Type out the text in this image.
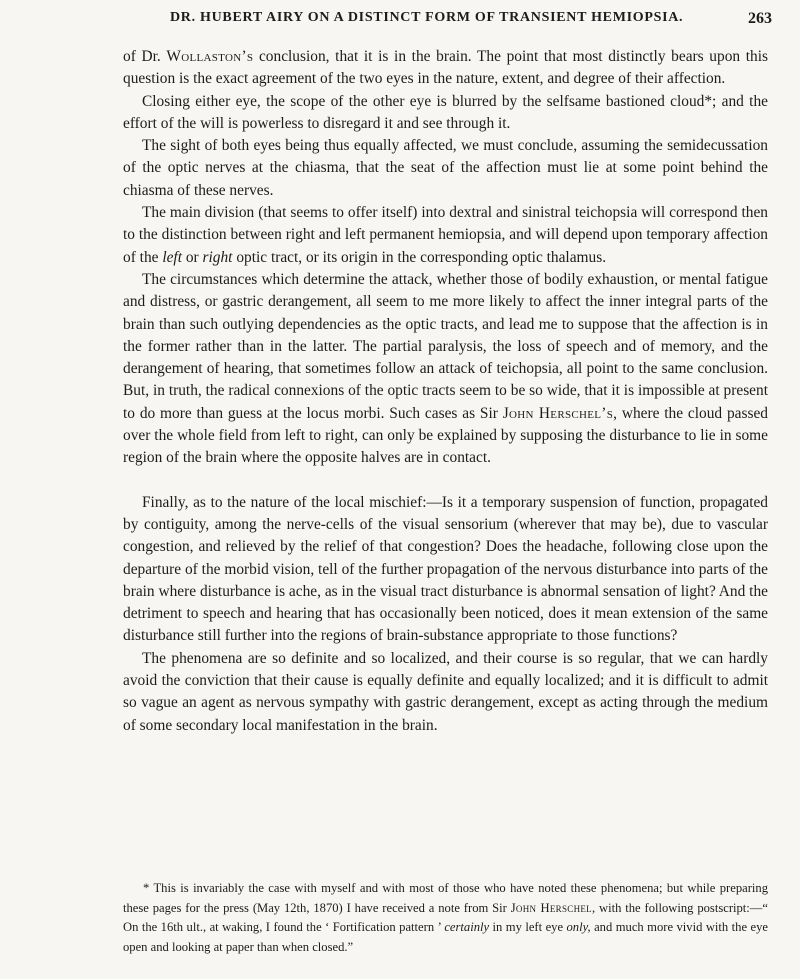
DR. HUBERT AIRY ON A DISTINCT FORM OF TRANSIENT HEMIOPSIA.	263

of Dr. Wollaston’s conclusion, that it is in the brain. The point that most distinctly bears upon this question is the exact agreement of the two eyes in the nature, extent, and degree of their affection.

Closing either eye, the scope of the other eye is blurred by the selfsame bastioned cloud*; and the effort of the will is powerless to disregard it and see through it.

The sight of both eyes being thus equally affected, we must conclude, assuming the semidecussation of the optic nerves at the chiasma, that the seat of the affection must lie at some point behind the chiasma of these nerves.

The main division (that seems to offer itself) into dextral and sinistral teichopsia will correspond then to the distinction between right and left permanent hemiopsia, and will depend upon temporary affection of the left or right optic tract, or its origin in the corresponding optic thalamus.

The circumstances which determine the attack, whether those of bodily exhaustion, or mental fatigue and distress, or gastric derangement, all seem to me more likely to affect the inner integral parts of the brain than such outlying dependencies as the optic tracts, and lead me to suppose that the affection is in the former rather than in the latter. The partial paralysis, the loss of speech and of memory, and the derangement of hearing, that sometimes follow an attack of teichopsia, all point to the same conclusion. But, in truth, the radical connexions of the optic tracts seem to be so wide, that it is impossible at present to do more than guess at the locus morbi. Such cases as Sir John Herschel’s, where the cloud passed over the whole field from left to right, can only be explained by supposing the disturbance to lie in some region of the brain where the opposite halves are in contact.

Finally, as to the nature of the local mischief:—Is it a temporary suspension of function, propagated by contiguity, among the nerve-cells of the visual sensorium (wherever that may be), due to vascular congestion, and relieved by the relief of that congestion? Does the headache, following close upon the departure of the morbid vision, tell of the further propagation of the nervous disturbance into parts of the brain where disturbance is ache, as in the visual tract disturbance is abnormal sensation of light? And the detriment to speech and hearing that has occasionally been noticed, does it mean extension of the same disturbance still further into the regions of brain-substance appropriate to those functions?

The phenomena are so definite and so localized, and their course is so regular, that we can hardly avoid the conviction that their cause is equally definite and equally localized; and it is difficult to admit so vague an agent as nervous sympathy with gastric derangement, except as acting through the medium of some secondary local manifestation in the brain.

* This is invariably the case with myself and with most of those who have noted these phenomena; but while preparing these pages for the press (May 12th, 1870) I have received a note from Sir John Herschel, with the following postscript:—“ On the 16th ult., at waking, I found the ‘ Fortification pattern ’ certainly in my left eye only, and much more vivid with the eye open and looking at paper than when closed.”
